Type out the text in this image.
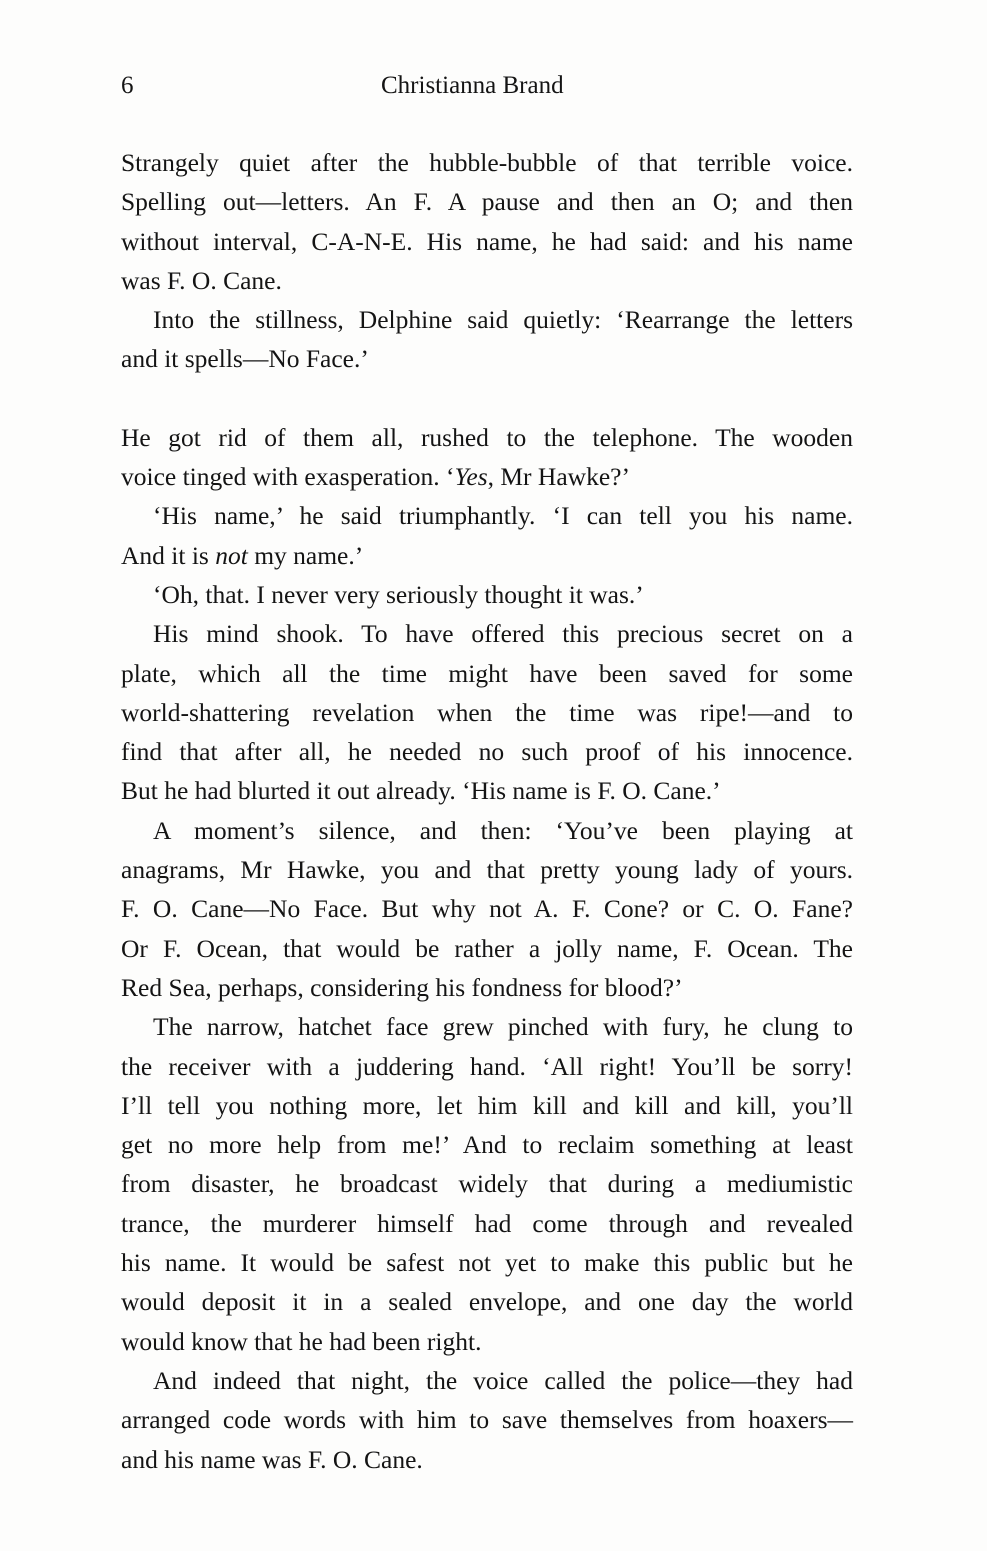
6	Christianna Brand
Strangely quiet after the hubble-bubble of that terrible voice.
Spelling out—letters. An F. A pause and then an O; and then
without interval, C-A-N-E. His name, he had said: and his name
was F. O. Cane.
Into the stillness, Delphine said quietly: ‘Rearrange the letters
and it spells—No Face.’
He got rid of them all, rushed to the telephone. The wooden
voice tinged with exasperation. ‘Yes, Mr Hawke?’
‘His name,’ he said triumphantly. ‘I can tell you his name.
And it is not my name.’
‘Oh, that. I never very seriously thought it was.’
His mind shook. To have offered this precious secret on a
plate, which all the time might have been saved for some
world-shattering revelation when the time was ripe!—and to
find that after all, he needed no such proof of his innocence.
But he had blurted it out already. ‘His name is F. O. Cane.’
A moment’s silence, and then: ‘You’ve been playing at
anagrams, Mr Hawke, you and that pretty young lady of yours.
F. O. Cane—No Face. But why not A. F. Cone? or C. O. Fane?
Or F. Ocean, that would be rather a jolly name, F. Ocean. The
Red Sea, perhaps, considering his fondness for blood?’
The narrow, hatchet face grew pinched with fury, he clung to
the receiver with a juddering hand. ‘All right! You’ll be sorry!
I’ll tell you nothing more, let him kill and kill and kill, you’ll
get no more help from me!’ And to reclaim something at least
from disaster, he broadcast widely that during a mediumistic
trance, the murderer himself had come through and revealed
his name. It would be safest not yet to make this public but he
would deposit it in a sealed envelope, and one day the world
would know that he had been right.
And indeed that night, the voice called the police—they had
arranged code words with him to save themselves from hoaxers—
and his name was F. O. Cane.
